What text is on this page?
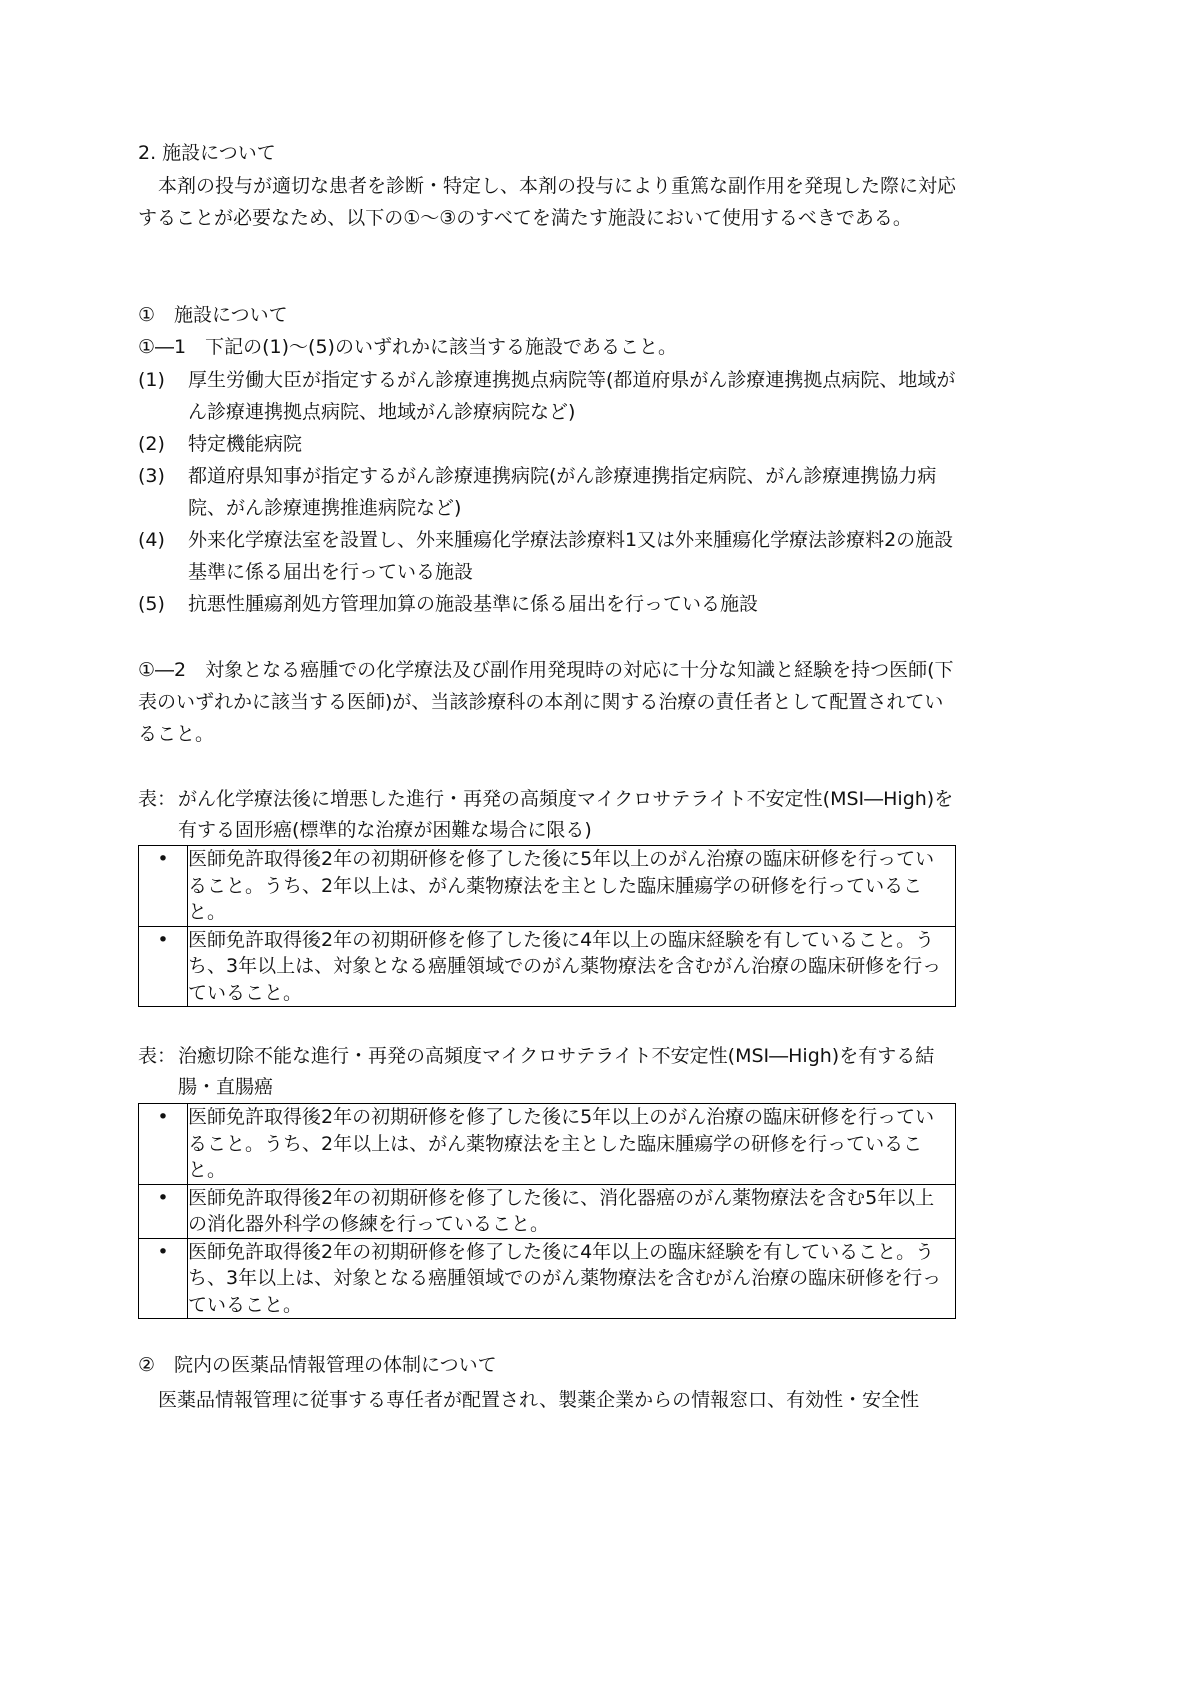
2. 施設について

本剤の投与が適切な患者を診断・特定し、本剤の投与により重篤な副作用を発現した際に対応することが必要なため、以下の①～③のすべてを満たす施設において使用するべきである。

①　施設について
①―1　下記の(1)～(5)のいずれかに該当する施設であること。
(1)	厚生労働大臣が指定するがん診療連携拠点病院等(都道府県がん診療連携拠点病院、地域がん診療連携拠点病院、地域がん診療病院など)
(2)	特定機能病院
(3)	都道府県知事が指定するがん診療連携病院(がん診療連携指定病院、がん診療連携協力病院、がん診療連携推進病院など)
(4)	外来化学療法室を設置し、外来腫瘍化学療法診療料1又は外来腫瘍化学療法診療料2の施設基準に係る届出を行っている施設
(5)	抗悪性腫瘍剤処方管理加算の施設基準に係る届出を行っている施設

①―2　対象となる癌腫での化学療法及び副作用発現時の対応に十分な知識と経験を持つ医師(下表のいずれかに該当する医師)が、当該診療科の本剤に関する治療の責任者として配置されていること。

表： がん化学療法後に増悪した進行・再発の高頻度マイクロサテライト不安定性(MSI―High)を有する固形癌(標準的な治療が困難な場合に限る)
•	医師免許取得後2年の初期研修を修了した後に5年以上のがん治療の臨床研修を行っていること。うち、2年以上は、がん薬物療法を主とした臨床腫瘍学の研修を行っていること。
•	医師免許取得後2年の初期研修を修了した後に4年以上の臨床経験を有していること。うち、3年以上は、対象となる癌腫領域でのがん薬物療法を含むがん治療の臨床研修を行っていること。
表： 治癒切除不能な進行・再発の高頻度マイクロサテライト不安定性(MSI―High)を有する結腸・直腸癌
•	医師免許取得後2年の初期研修を修了した後に5年以上のがん治療の臨床研修を行っていること。うち、2年以上は、がん薬物療法を主とした臨床腫瘍学の研修を行っていること。
•	医師免許取得後2年の初期研修を修了した後に、消化器癌のがん薬物療法を含む5年以上の消化器外科学の修練を行っていること。
•	医師免許取得後2年の初期研修を修了した後に4年以上の臨床経験を有していること。うち、3年以上は、対象となる癌腫領域でのがん薬物療法を含むがん治療の臨床研修を行っていること。
②　院内の医薬品情報管理の体制について

医薬品情報管理に従事する専任者が配置され、製薬企業からの情報窓口、有効性・安全性
